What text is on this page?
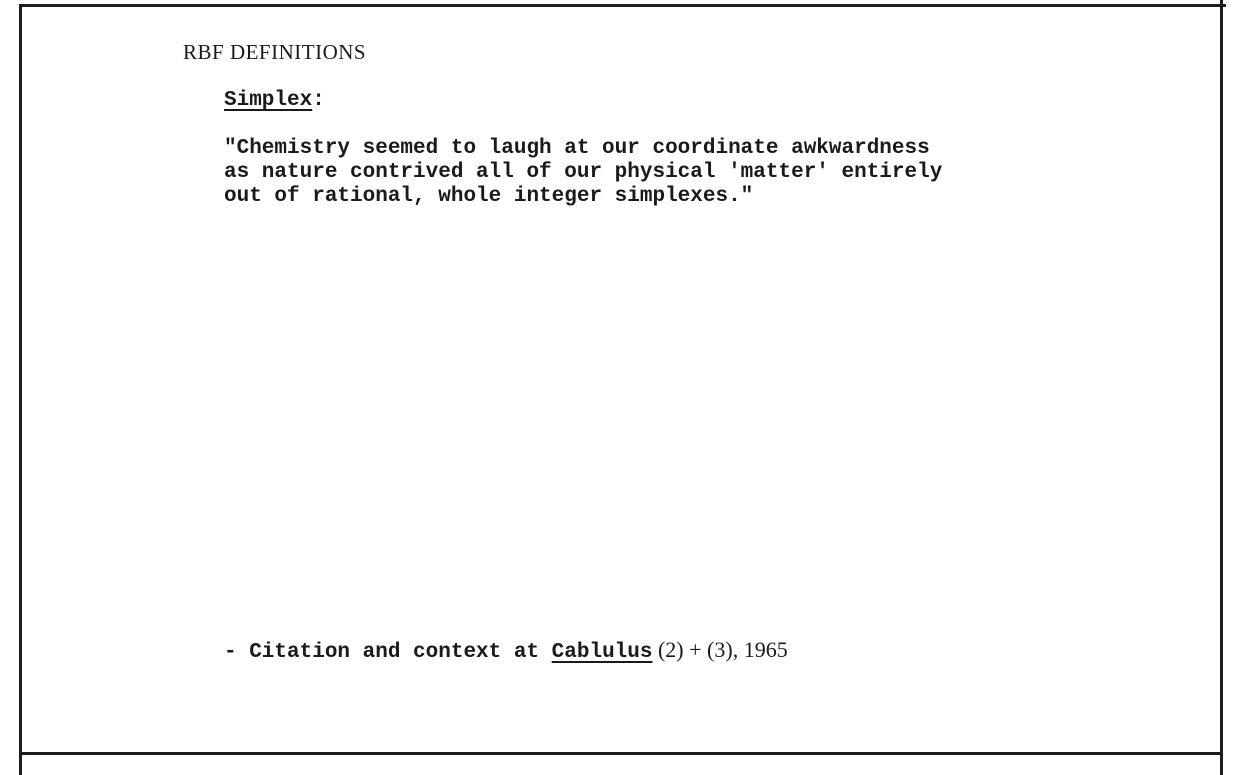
RBF DEFINITIONS
Simplex:
"Chemistry seemed to laugh at our coordinate awkwardness
as nature contrived all of our physical 'matter' entirely
out of rational, whole integer simplexes."
- Citation and context at Cablulus (2) + (3), 1965
